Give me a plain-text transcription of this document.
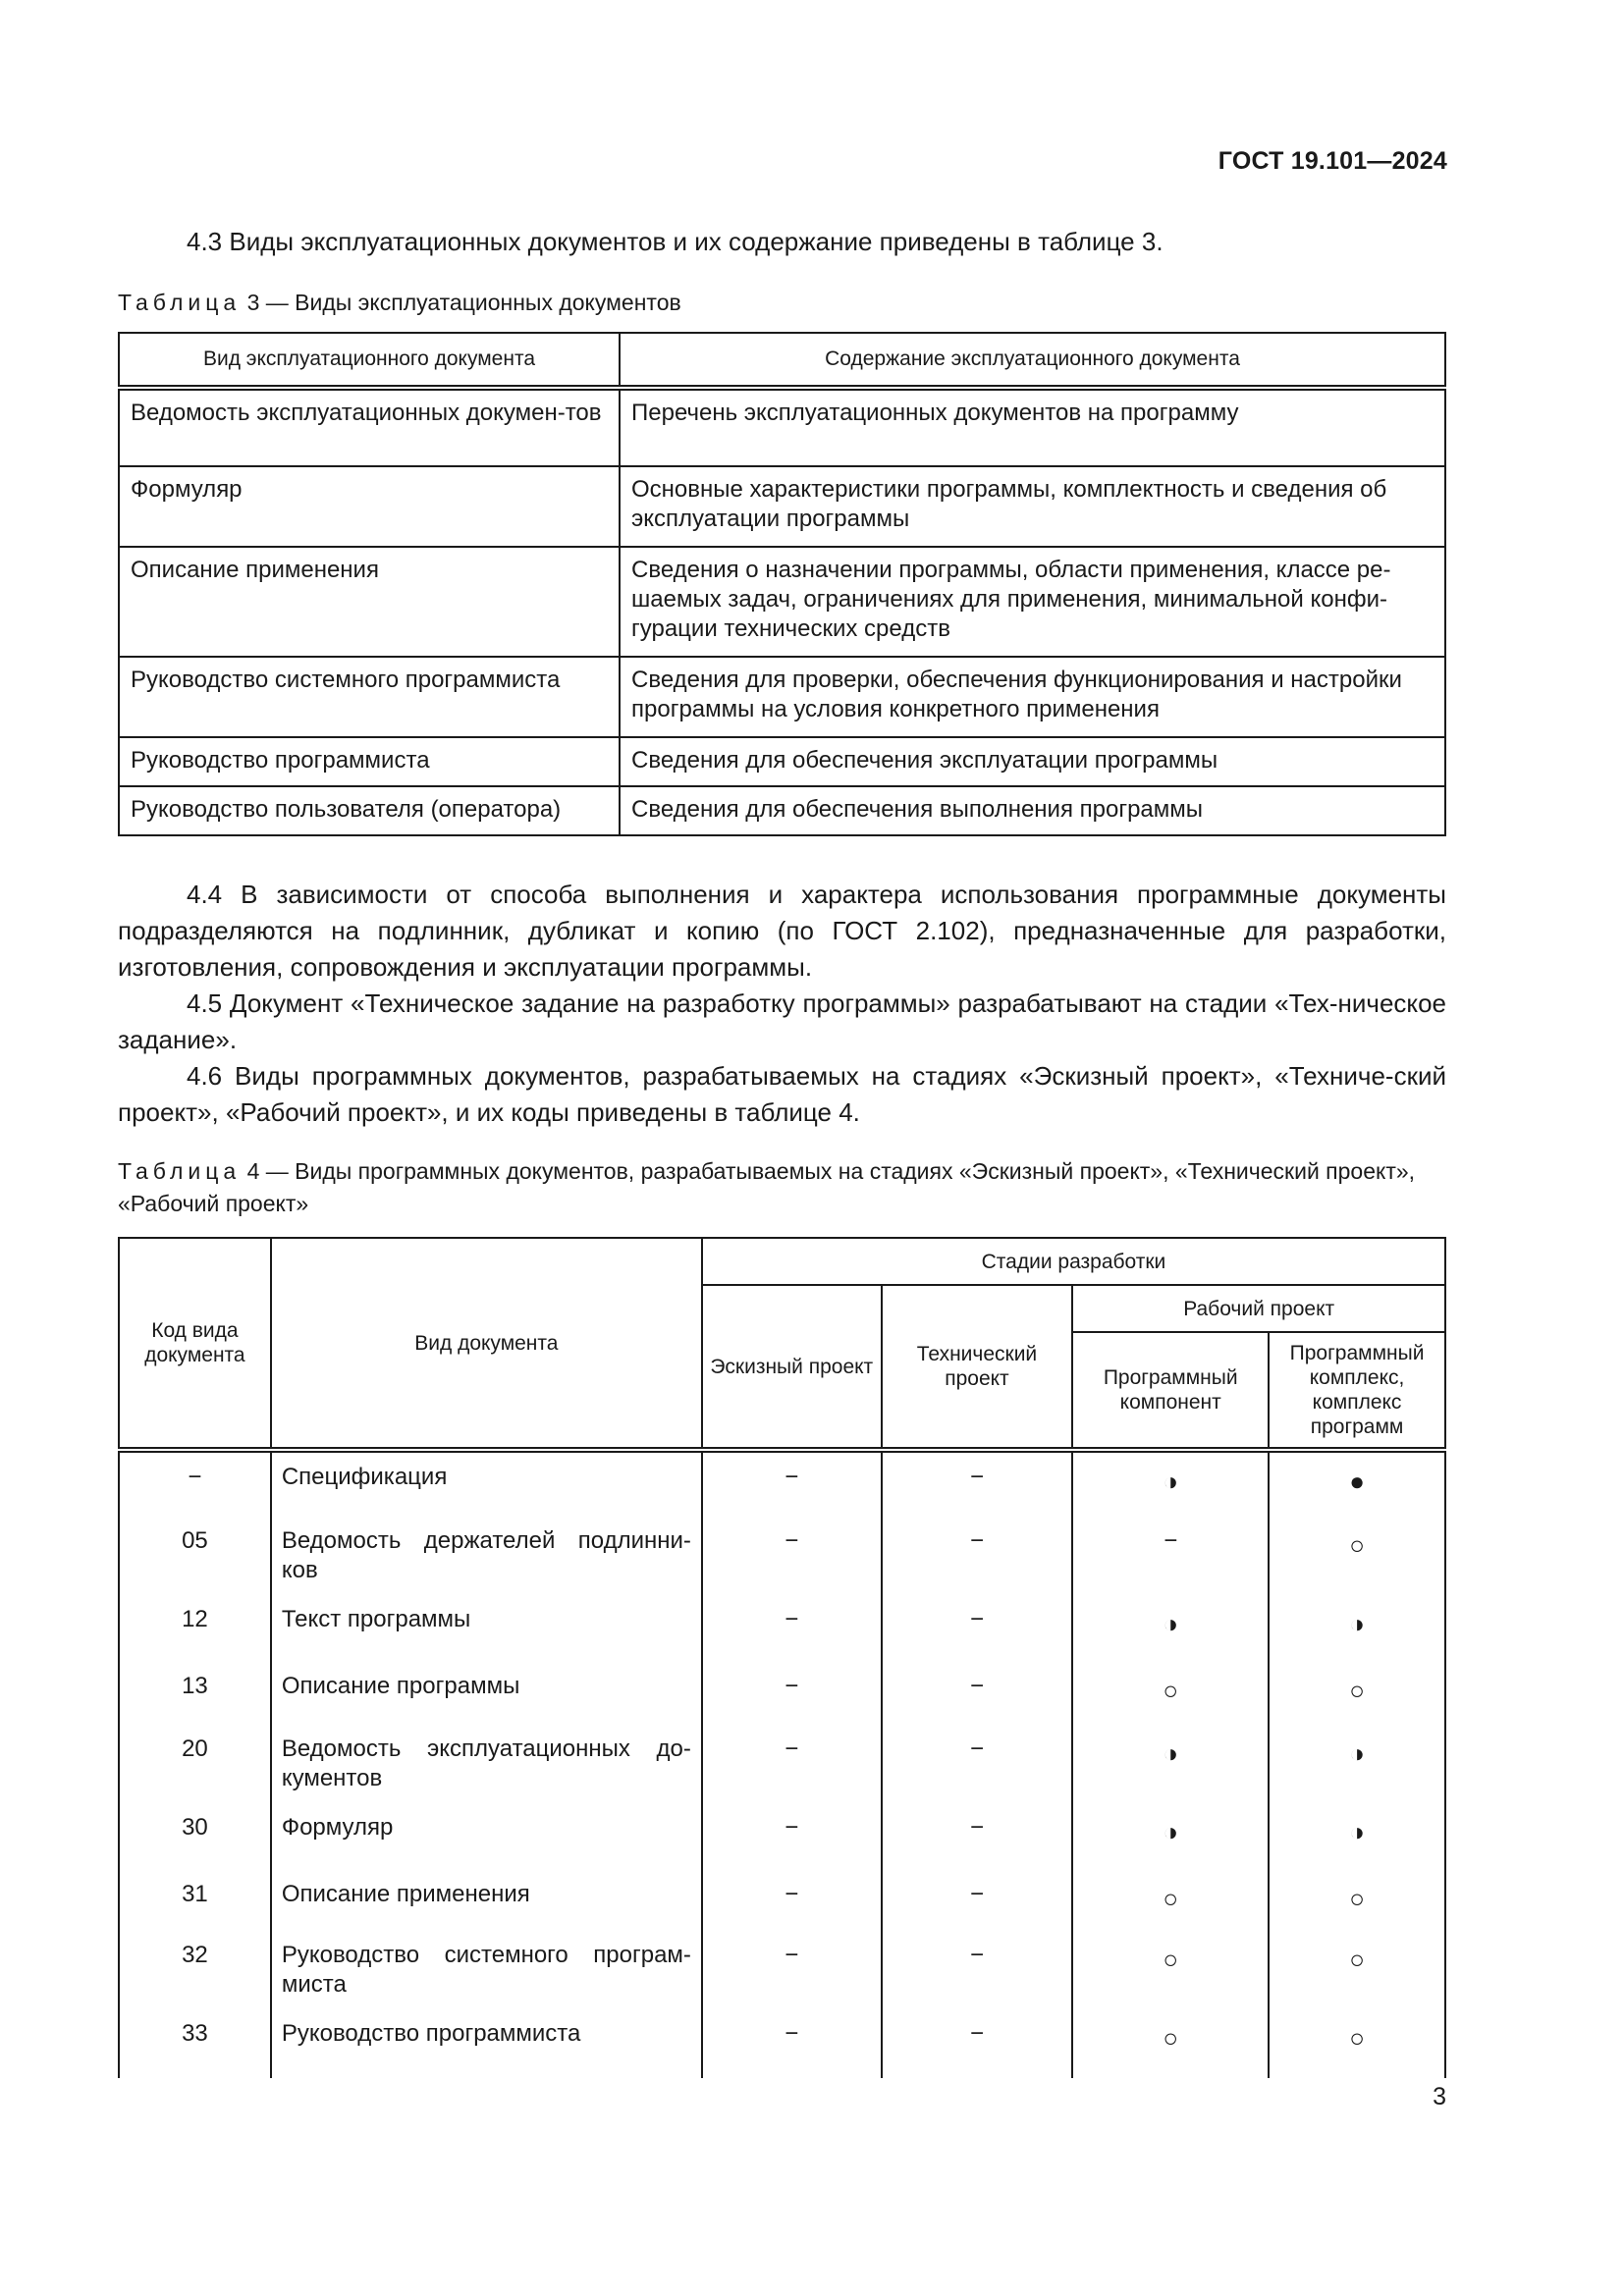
ГОСТ 19.101—2024

4.3 Виды эксплуатационных документов и их содержание приведены в таблице 3.

Таблица 3 — Виды эксплуатационных документов

Вид эксплуатационного документа	Содержание эксплуатационного документа
Ведомость эксплуатационных докумен-тов	Перечень эксплуатационных документов на программу
Формуляр	Основные характеристики программы, комплектность и сведения об эксплуатации программы
Описание применения	Сведения о назначении программы, области применения, классе ре-шаемых задач, ограничениях для применения, минимальной конфи-гурации технических средств
Руководство системного программиста	Сведения для проверки, обеспечения функционирования и настройки программы на условия конкретного применения
Руководство программиста	Сведения для обеспечения эксплуатации программы
Руководство пользователя (оператора)	Сведения для обеспечения выполнения программы

4.4 В зависимости от способа выполнения и характера использования программные документы подразделяются на подлинник, дубликат и копию (по ГОСТ 2.102), предназначенные для разработки, изготовления, сопровождения и эксплуатации программы.

4.5 Документ «Техническое задание на разработку программы» разрабатывают на стадии «Тех-ническое задание».

4.6 Виды программных документов, разрабатываемых на стадиях «Эскизный проект», «Техниче-ский проект», «Рабочий проект», и их коды приведены в таблице 4.

Таблица 4 — Виды программных документов, разрабатываемых на стадиях «Эскизный проект», «Технический проект», «Рабочий проект»

Код вида документа	Вид документа	Стадии разработки			
		Эскизный проект	Технический проект	Рабочий проект	
				Программный компонент	Программный комплекс, комплекс программ
−	Спецификация	−	−	◑	●
05	Ведомость держателей подлинни-ков	−	−	−	○
12	Текст программы	−	−	◑	◑
13	Описание программы	−	−	○	○
20	Ведомость эксплуатационных до-кументов	−	−	◑	◑
30	Формуляр	−	−	◑	◑
31	Описание применения	−	−	○	○
32	Руководство системного програм-миста	−	−	○	○
33	Руководство программиста	−	−	○	○
3
